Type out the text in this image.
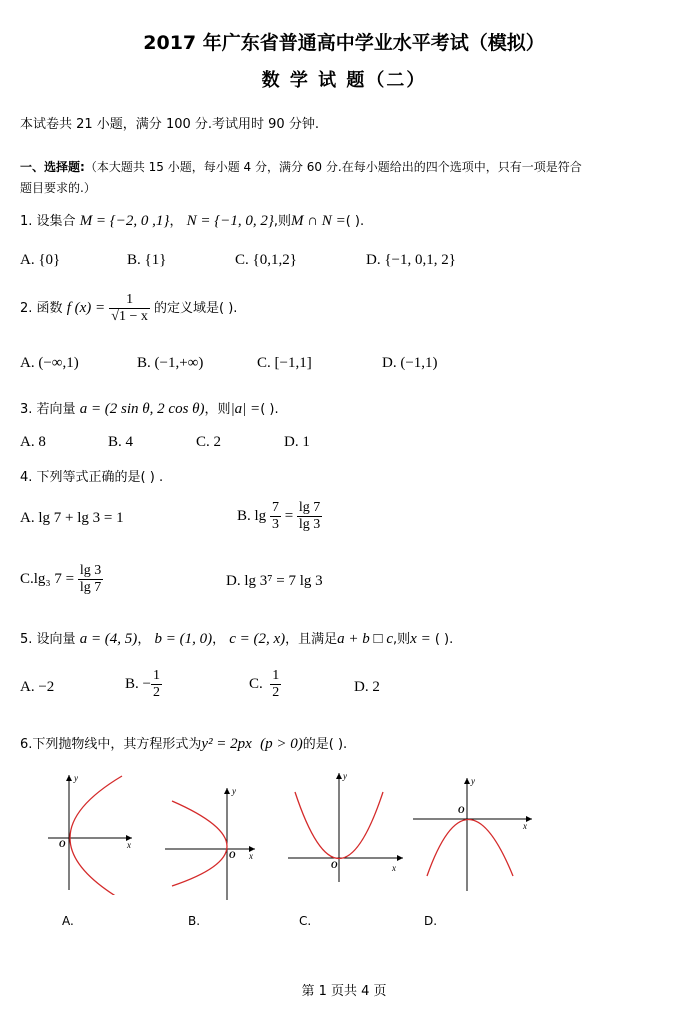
2017 年广东省普通高中学业水平考试（模拟）
数 学 试 题（二）
本试卷共 21 小题，满分 100 分.考试用时 90 分钟.
一、选择题:（本大题共 15 小题，每小题 4 分，满分 60 分.在每小题给出的四个选项中，只有一项是符合
题目要求的.）
1. 设集合 M = {−2, 0 ,1}， N = {−1, 0, 2},则M ∩ N =( ).
A. {0}	B. {1}	C. {0,1,2}	D. {−1, 0,1, 2}
2. 函数 f $(x) = \frac{1}{√1 - x}$ 的定义域是( ).
A. (−∞,1)	B. (−1,+∞)	C. [−1,1]	D. (−1,1)
3. 若向量 a = (2 sin θ, 2 cos θ)，则|a| =( ).
A. 8	B. 4	C. 2	D. 1
4. 下列等式正确的是( ) .
A. lg 7 + lg 3 = 1	B. $\lg \frac{7}{3} = \frac{\lg 7}{\lg 3}$
C.lg₃ $7 = \frac{\lg 3}{\lg 7}$	D. lg 3⁷ = 7 lg 3
5. 设向量 a = (4, 5)， b = (1, 0)， c = (2, x)，且满足a + b □ c,则x = ( ).
A. −2	B. − $\frac{1}{2}$	C. $\frac{1}{2}$	D. 2
6.下列抛物线中，其方程形式为y² = 2px (p > 0)的是( ).
y
x
O
y
x
O
y
x
O
y
x
O
A.	B.	C.	D.
第 1 页共 4 页
